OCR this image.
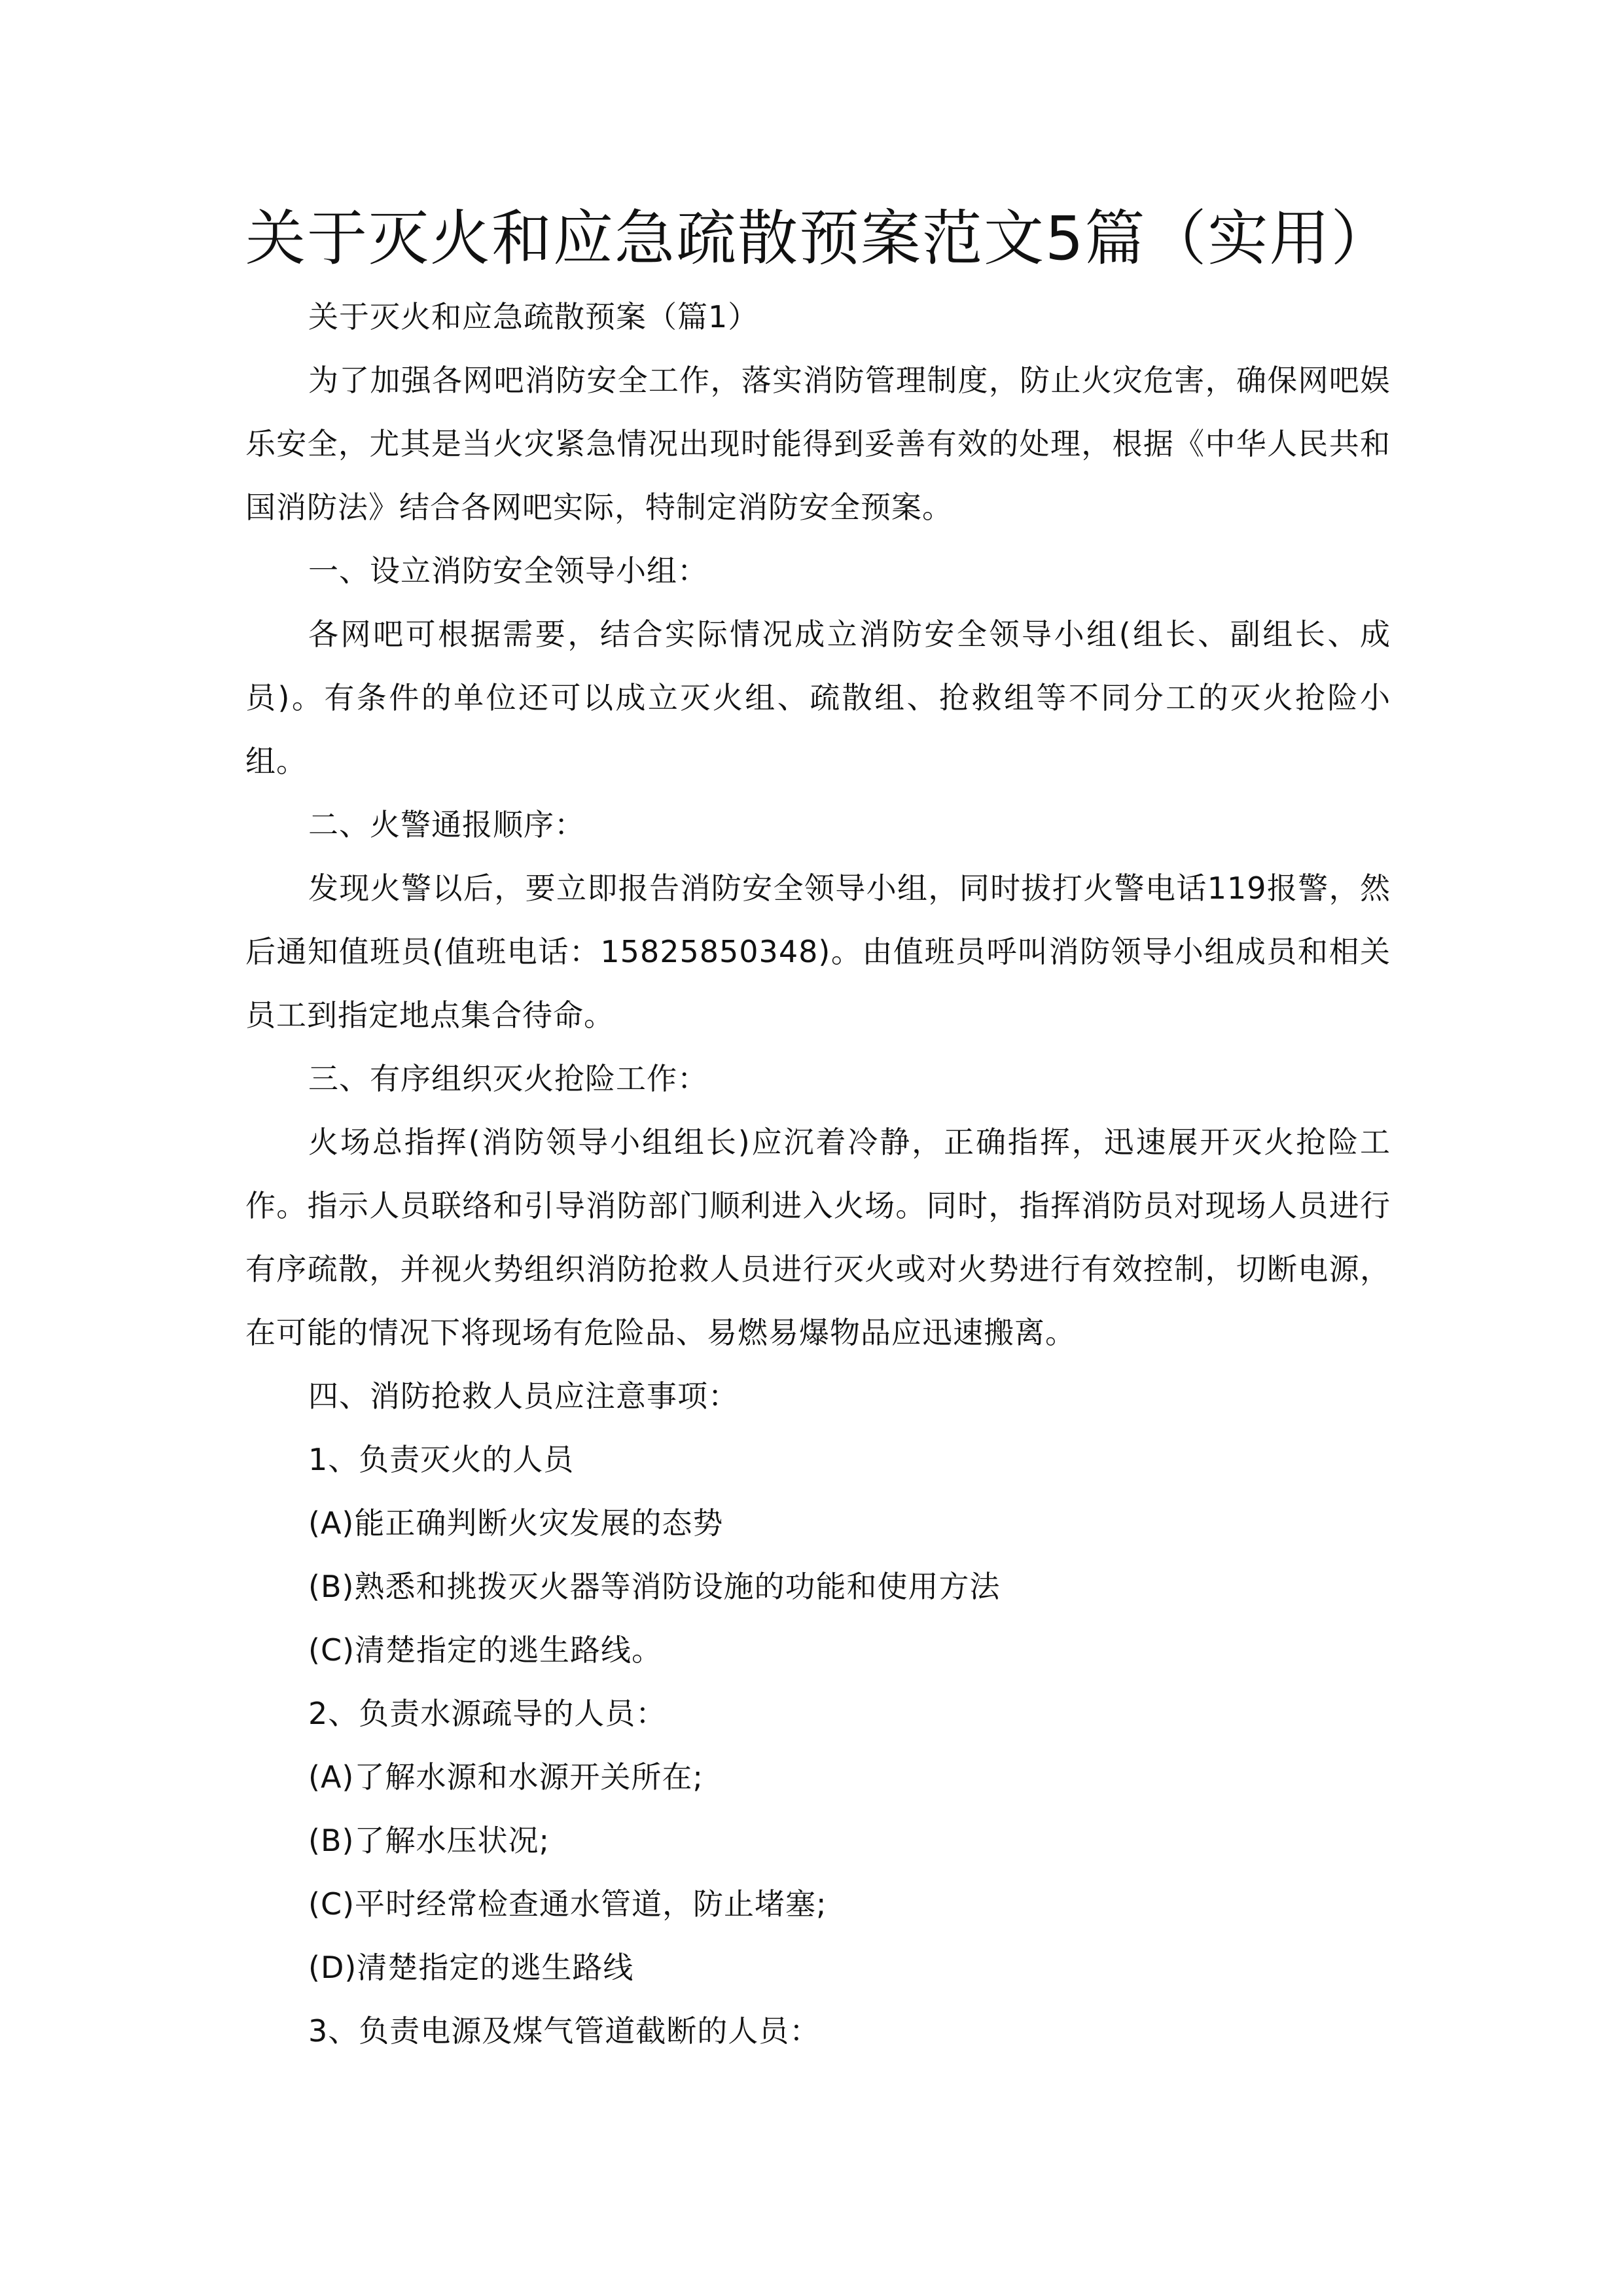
关于灭火和应急疏散预案范文5篇（实用）

关于灭火和应急疏散预案（篇1）

为了加强各网吧消防安全工作，落实消防管理制度，防止火灾危害，确保网吧娱乐安全，尤其是当火灾紧急情况出现时能得到妥善有效的处理，根据《中华人民共和国消防法》结合各网吧实际，特制定消防安全预案。

一、设立消防安全领导小组：

各网吧可根据需要，结合实际情况成立消防安全领导小组(组长、副组长、成员)。有条件的单位还可以成立灭火组、疏散组、抢救组等不同分工的灭火抢险小组。

二、火警通报顺序：

发现火警以后，要立即报告消防安全领导小组，同时拔打火警电话119报警，然后通知值班员(值班电话：15825850348)。由值班员呼叫消防领导小组成员和相关员工到指定地点集合待命。

三、有序组织灭火抢险工作：

火场总指挥(消防领导小组组长)应沉着冷静，正确指挥，迅速展开灭火抢险工作。指示人员联络和引导消防部门顺利进入火场。同时，指挥消防员对现场人员进行有序疏散，并视火势组织消防抢救人员进行灭火或对火势进行有效控制，切断电源，在可能的情况下将现场有危险品、易燃易爆物品应迅速搬离。

四、消防抢救人员应注意事项：

1、负责灭火的人员

(A)能正确判断火灾发展的态势

(B)熟悉和挑拨灭火器等消防设施的功能和使用方法

(C)清楚指定的逃生路线。

2、负责水源疏导的人员：

(A)了解水源和水源开关所在;

(B)了解水压状况;

(C)平时经常检查通水管道，防止堵塞;

(D)清楚指定的逃生路线

3、负责电源及煤气管道截断的人员：
